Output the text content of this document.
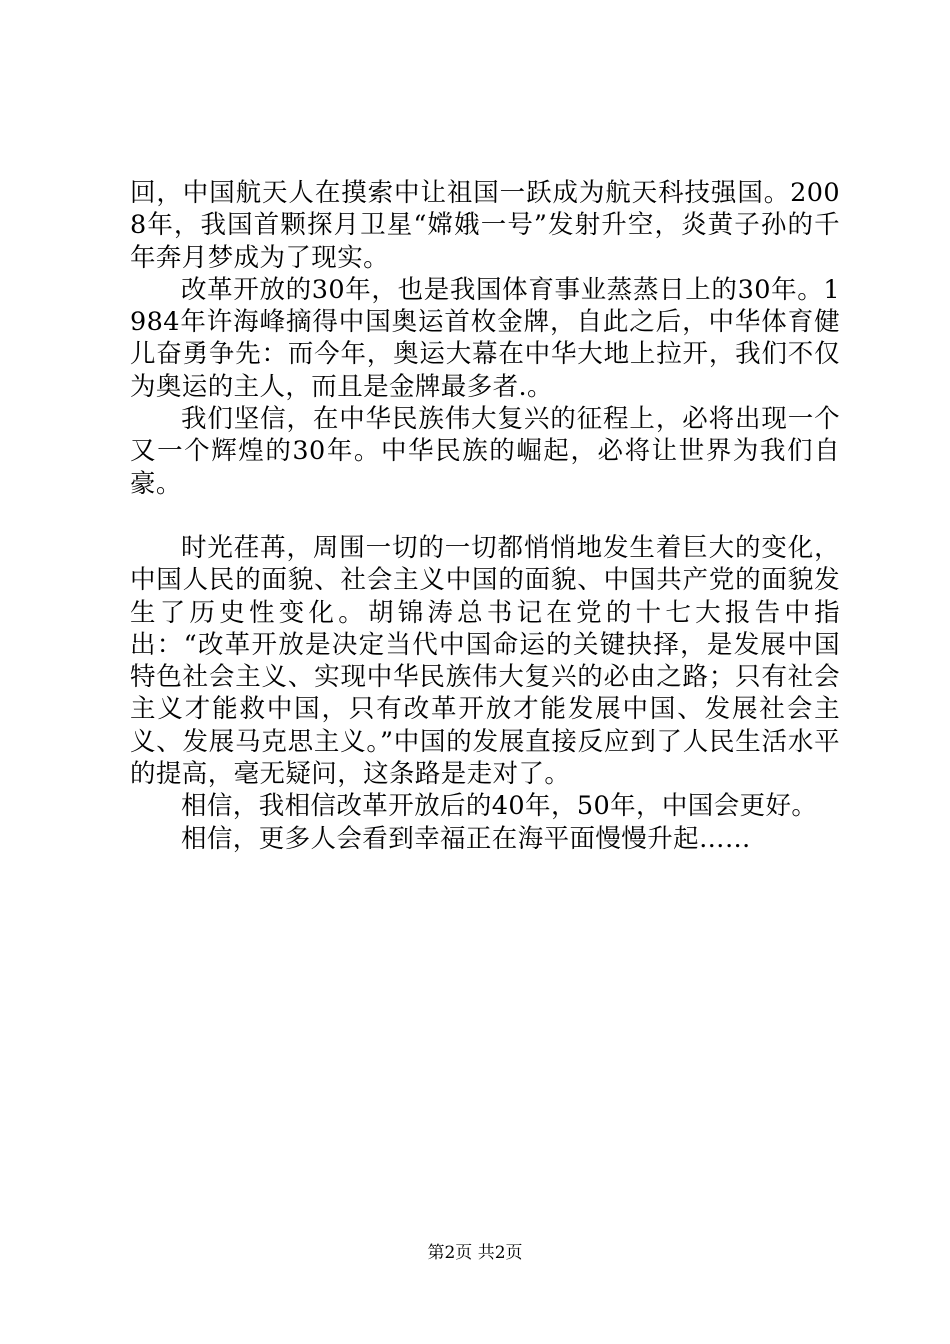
回，中国航天人在摸索中让祖国一跃成为航天科技强国。2008年，我国首颗探月卫星“嫦娥一号”发射升空，炎黄子孙的千年奔月梦成为了现实。

改革开放的30年，也是我国体育事业蒸蒸日上的30年。1984年许海峰摘得中国奥运首枚金牌，自此之后，中华体育健儿奋勇争先：而今年，奥运大幕在中华大地上拉开，我们不仅为奥运的主人，而且是金牌最多者.。

我们坚信，在中华民族伟大复兴的征程上，必将出现一个又一个辉煌的30年。中华民族的崛起，必将让世界为我们自豪。

时光荏苒，周围一切的一切都悄悄地发生着巨大的变化，中国人民的面貌、社会主义中国的面貌、中国共产党的面貌发生了历史性变化。胡锦涛总书记在党的十七大报告中指出：“改革开放是决定当代中国命运的关键抉择，是发展中国特色社会主义、实现中华民族伟大复兴的必由之路；只有社会主义才能救中国，只有改革开放才能发展中国、发展社会主义、发展马克思主义。”中国的发展直接反应到了人民生活水平的提高，毫无疑问，这条路是走对了。

相信，我相信改革开放后的40年，50年，中国会更好。

相信，更多人会看到幸福正在海平面慢慢升起……

第2页 共2页
